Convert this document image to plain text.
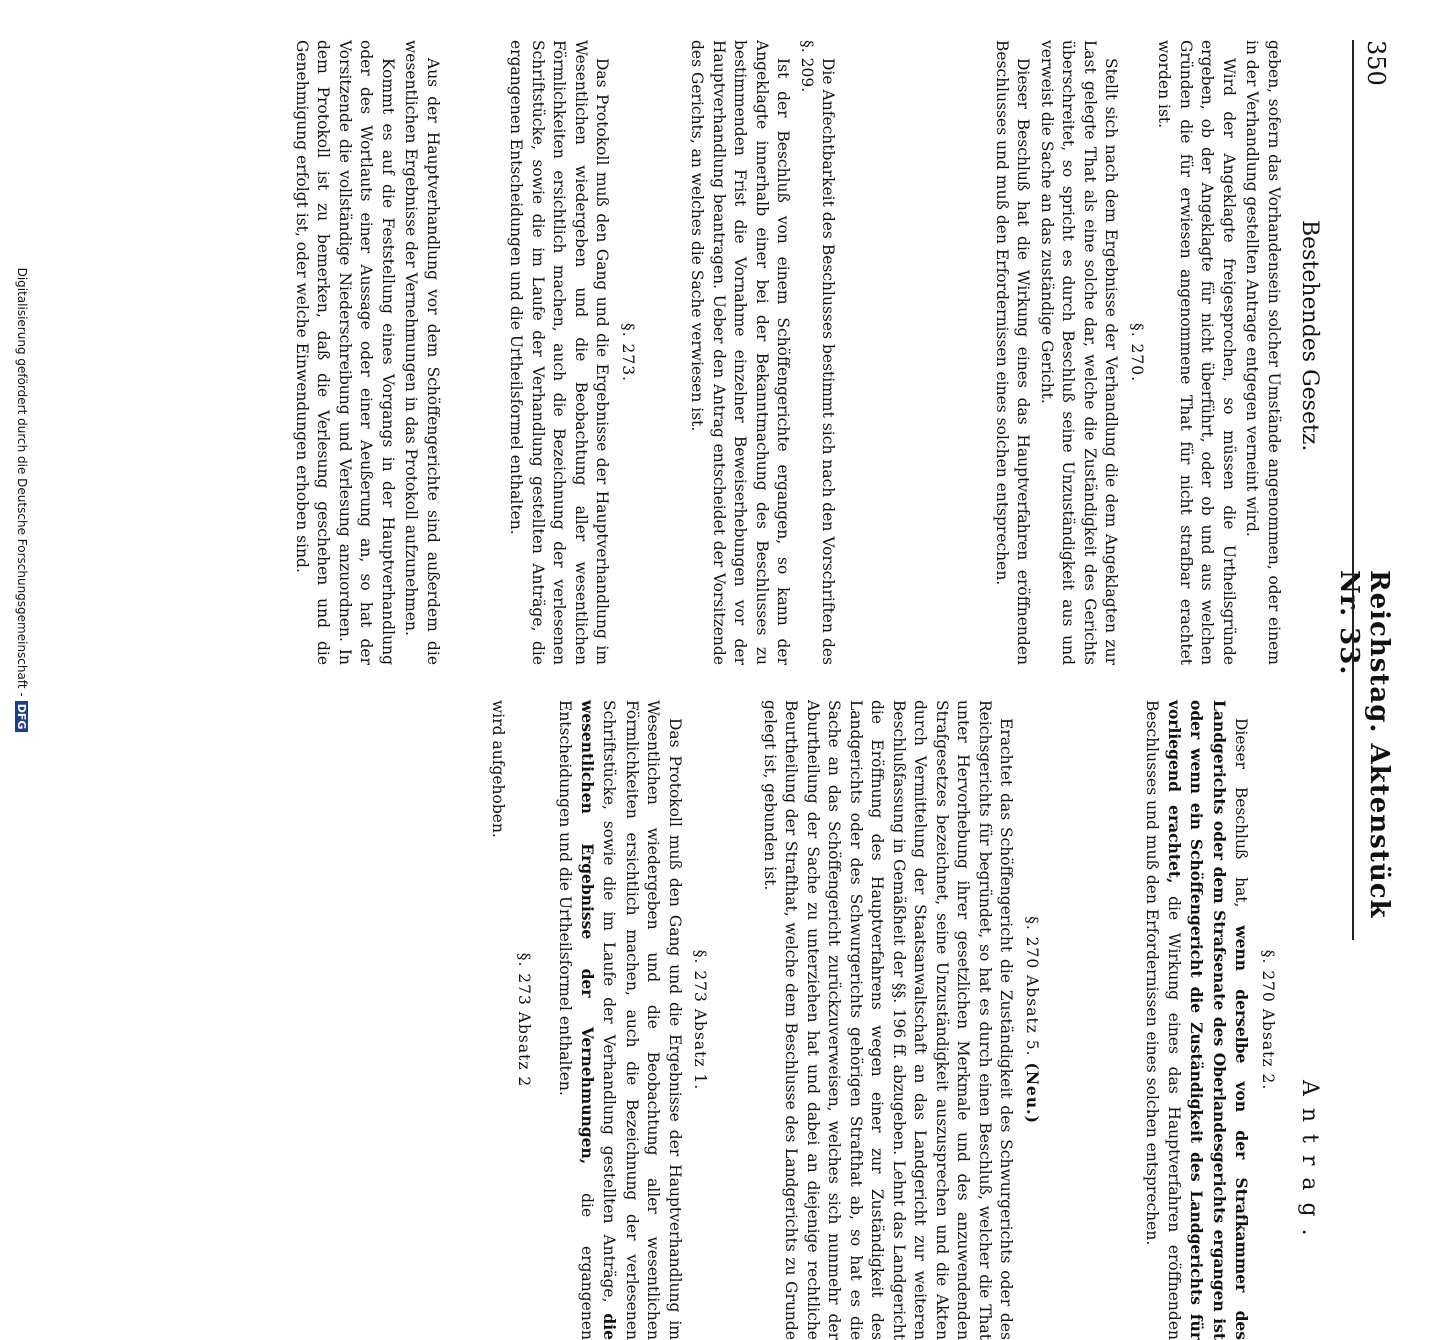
350
Reichstag. Aktenstück Nr. 33.
Bestehendes Gesetz.
Antrag.

geben, sofern das Vorhandensein solcher Umstände angenommen, oder einem in der Verhandlung gestellten Antrage entgegen verneint wird.

Wird der Angeklagte freigesprochen, so müssen die Urtheilsgründe ergeben, ob der Angeklagte für nicht überführt, oder ob und aus welchen Gründen die für erwiesen angenommene That für nicht strafbar erachtet worden ist.

§. 270.

Stellt sich nach dem Ergebnisse der Verhandlung die dem Angeklagten zur Last gelegte That als eine solche dar, welche die Zuständigkeit des Gerichts überschreitet, so spricht es durch Beschluß seine Unzuständigkeit aus und verweist die Sache an das zuständige Gericht.

Dieser Beschluß hat die Wirkung eines das Hauptverfahren eröffnenden Beschlusses und muß den Erfordernissen eines solchen entsprechen.

Die Anfechtbarkeit des Beschlusses bestimmt sich nach den Vorschriften des §. 209.

Ist der Beschluß von einem Schöffengerichte ergangen, so kann der Angeklagte innerhalb einer bei der Bekanntmachung des Beschlusses zu bestimmenden Frist die Vornahme einzelner Beweiserhebungen vor der Hauptverhandlung beantragen. Ueber den Antrag entscheidet der Vorsitzende des Gerichts, an welches die Sache verwiesen ist.

§. 273.

Das Protokoll muß den Gang und die Ergebnisse der Hauptverhandlung im Wesentlichen wiedergeben und die Beobachtung aller wesentlichen Förmlichkeiten ersichtlich machen, auch die Bezeichnung der verlesenen Schriftstücke, sowie die im Laufe der Verhandlung gestellten Anträge, die ergangenen Entscheidungen und die Urtheilsformel enthalten.

Aus der Hauptverhandlung vor dem Schöffengerichte sind außerdem die wesentlichen Ergebnisse der Vernehmungen in das Protokoll aufzunehmen.

Kommt es auf die Feststellung eines Vorgangs in der Hauptverhandlung oder des Wortlauts einer Aussage oder einer Aeußerung an, so hat der Vorsitzende die vollständige Niederschreibung und Verlesung anzuordnen. In dem Protokoll ist zu bemerken, daß die Verlesung geschehen und die Genehmigung erfolgt ist, oder welche Einwendungen erhoben sind.

§. 270 Absatz 2.

Dieser Beschluß hat, wenn derselbe von der Strafkammer des Landgerichts oder dem Strafsenate des Oberlandesgerichts ergangen ist oder wenn ein Schöffengericht die Zuständigkeit des Landgerichts für vorliegend erachtet, die Wirkung eines das Hauptverfahren eröffnenden Beschlusses und muß den Erfordernissen eines solchen entsprechen.

§. 270 Absatz 5. (Neu.)

Erachtet das Schöffengericht die Zuständigkeit des Schwurgerichts oder des Reichsgerichts für begründet, so hat es durch einen Beschluß, welcher die That unter Hervorhebung ihrer gesetzlichen Merkmale und des anzuwendenden Strafgesetzes bezeichnet, seine Unzuständigkeit auszusprechen und die Akten durch Vermittelung der Staatsanwaltschaft an das Landgericht zur weiteren Beschlußfassung in Gemäßheit der §§. 196 ff. abzugeben. Lehnt das Landgericht die Eröffnung des Hauptverfahrens wegen einer zur Zuständigkeit des Landgerichts oder des Schwurgerichts gehörigen Strafthat ab, so hat es die Sache an das Schöffengericht zurückzuverweisen, welches sich nunmehr der Aburtheilung der Sache zu unterziehen hat und dabei an diejenige rechtliche Beurtheilung der Strafthat, welche dem Beschlusse des Landgerichts zu Grunde gelegt ist, gebunden ist.

§. 273 Absatz 1.

Das Protokoll muß den Gang und die Ergebnisse der Hauptverhandlung im Wesentlichen wiedergeben und die Beobachtung aller wesentlichen Förmlichkeiten ersichtlich machen, auch die Bezeichnung der verlesenen Schriftstücke, sowie die im Laufe der Verhandlung gestellten Anträge, die wesentlichen Ergebnisse der Vernehmungen, die ergangenen Entscheidungen und die Urtheilsformel enthalten.

§. 273 Absatz 2

wird aufgehoben.

Digitalisierung gefördert durch die Deutsche Forschungsgemeinschaft -DFG
